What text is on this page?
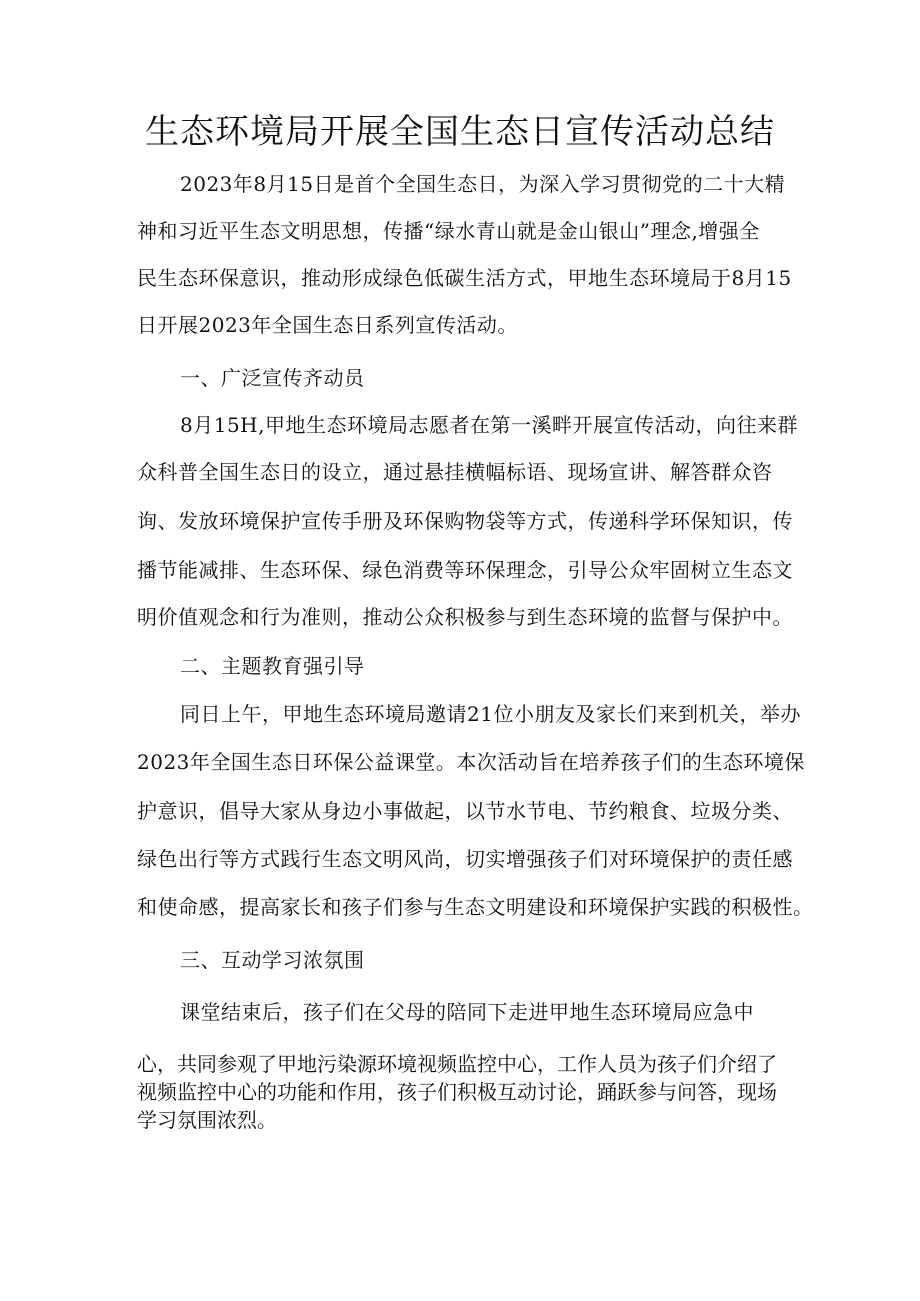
生态环境局开展全国生态日宣传活动总结
2023年8月15日是首个全国生态日，为深入学习贯彻党的二十大精
神和习近平生态文明思想，传播“绿水青山就是金山银山”理念,增强全
民生态环保意识，推动形成绿色低碳生活方式，甲地生态环境局于8月15
日开展2023年全国生态日系列宣传活动。
一、广泛宣传齐动员
8月15H,甲地生态环境局志愿者在第一溪畔开展宣传活动，向往来群
众科普全国生态日的设立，通过悬挂横幅标语、现场宣讲、解答群众咨
询、发放环境保护宣传手册及环保购物袋等方式，传递科学环保知识，传
播节能减排、生态环保、绿色消费等环保理念，引导公众牢固树立生态文
明价值观念和行为准则，推动公众积极参与到生态环境的监督与保护中。
二、主题教育强引导
同日上午，甲地生态环境局邀请21位小朋友及家长们来到机关，举办
2023年全国生态日环保公益课堂。本次活动旨在培养孩子们的生态环境保
护意识，倡导大家从身边小事做起，以节水节电、节约粮食、垃圾分类、
绿色出行等方式践行生态文明风尚，切实增强孩子们对环境保护的责任感
和使命感，提高家长和孩子们参与生态文明建设和环境保护实践的积极性。
三、互动学习浓氛围
课堂结束后，孩子们在父母的陪同下走进甲地生态环境局应急中
心，共同参观了甲地污染源环境视频监控中心，工作人员为孩子们介绍了
视频监控中心的功能和作用，孩子们积极互动讨论，踊跃参与问答，现场
学习氛围浓烈。
